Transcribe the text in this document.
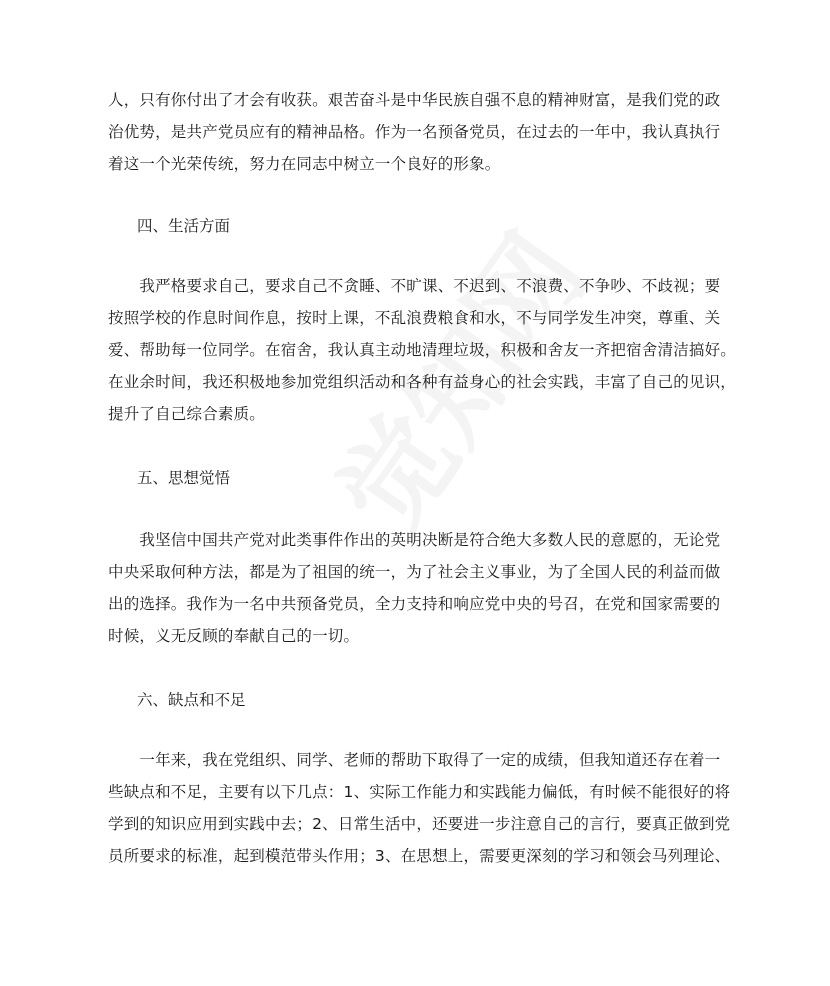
人，只有你付出了才会有收获。艰苦奋斗是中华民族自强不息的精神财富，是我们党的政
治优势，是共产党员应有的精神品格。作为一名预备党员，在过去的一年中，我认真执行
着这一个光荣传统，努力在同志中树立一个良好的形象。
四、生活方面
　　我严格要求自己，要求自己不贪睡、不旷课、不迟到、不浪费、不争吵、不歧视；要
按照学校的作息时间作息，按时上课，不乱浪费粮食和水，不与同学发生冲突，尊重、关
爱、帮助每一位同学。在宿舍，我认真主动地清理垃圾，积极和舍友一齐把宿舍清洁搞好。
在业余时间，我还积极地参加党组织活动和各种有益身心的社会实践，丰富了自己的见识，
提升了自己综合素质。
五、思想觉悟
　　我坚信中国共产党对此类事件作出的英明决断是符合绝大多数人民的意愿的，无论党
中央采取何种方法，都是为了祖国的统一，为了社会主义事业，为了全国人民的利益而做
出的选择。我作为一名中共预备党员，全力支持和响应党中央的号召，在党和国家需要的
时候，义无反顾的奉献自己的一切。
六、缺点和不足
　　一年来，我在党组织、同学、老师的帮助下取得了一定的成绩，但我知道还存在着一
些缺点和不足，主要有以下几点：1、实际工作能力和实践能力偏低，有时候不能很好的将
学到的知识应用到实践中去；2、日常生活中，还要进一步注意自己的言行，要真正做到党
员所要求的标准，起到模范带头作用；3、在思想上，需要更深刻的学习和领会马列理论、
